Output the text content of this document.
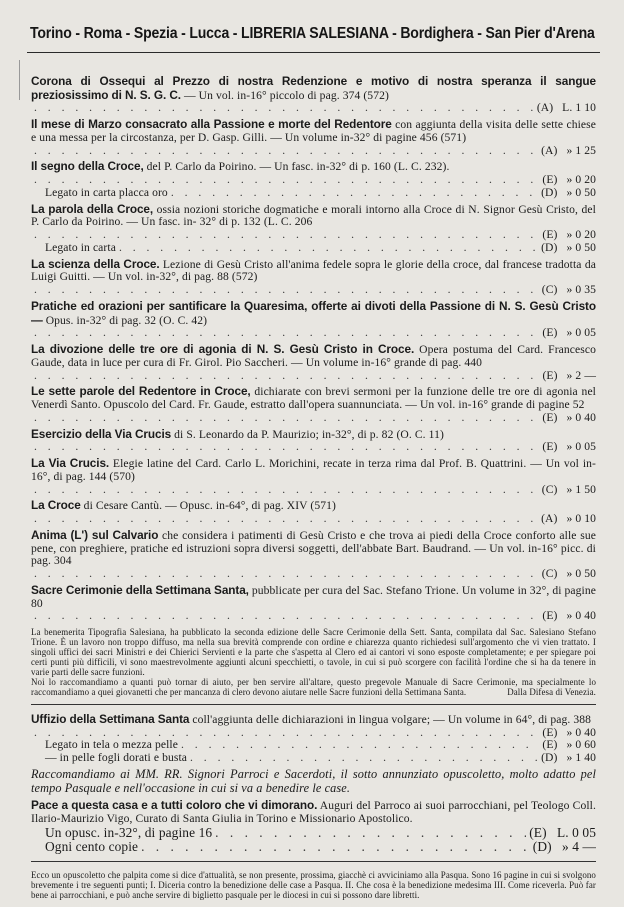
Torino - Roma - Spezia - Lucca - LIBRERIA SALESIANA - Bordighera - San Pier d'Arena
Corona di Ossequi al Prezzo di nostra Redenzione e motivo di nostra speranza il sangue preziosissimo di N. S. G. C. — Un vol. in-16° piccolo di pag. 374 (572)
. . .
(A) L. 1 10
Il mese di Marzo consacrato alla Passione e morte del Redentore con aggiunta della visita delle sette chiese e una messa per la circostanza, per D. Gasp. Gilli. — Un volume in-32° di pagine 456 (571)
. . .
(A) » 1 25
Il segno della Croce, del P. Carlo da Poirino. — Un fasc. in-32° di p. 160 (L. C. 232).
. . .
(E) » 0 20
Legato in carta placca oro . . .	(D) » 0 50
La parola della Croce, ossia nozioni storiche dogmatiche e morali intorno alla Croce di N. Signor Gesù Cristo, del P. Carlo da Poirino. — Un fasc. in- 32° di p. 132 (L. C. 206
. . .
(E) » 0 20
Legato in carta . . .	(D) » 0 50
La scienza della Croce. Lezione di Gesù Cristo all'anima fedele sopra le glorie della croce, dal francese tradotta da Luigi Guitti. — Un vol. in-32°, di pag. 88 (572)
. . .
(C) » 0 35
Pratiche ed orazioni per santificare la Quaresima, offerte ai divoti della Passione di N. S. Gesù Cristo — Opus. in-32° di pag. 32 (O. C. 42)
. . .
(E) » 0 05
La divozione delle tre ore di agonia di N. S. Gesù Cristo in Croce. Opera postuma del Card. Francesco Gaude, data in luce per cura di Fr. Girol. Pio Saccheri. — Un volume in-16° grande di pag. 440
. . .
(E) » 2 —
Le sette parole del Redentore in Croce, dichiarate con brevi sermoni per la funzione delle tre ore di agonia nel Venerdì Santo. Opuscolo del Card. Fr. Gaude, estratto dall'opera suannunciata. — Un vol. in-16° grande di pagine 52
. . .
(E) » 0 40
Esercizio della Via Crucis di S. Leonardo da P. Maurizio; in-32°, di p. 82 (O. C. 11)
. . .
(E) » 0 05
La Via Crucis. Elegie latine del Card. Carlo L. Morichini, recate in terza rima dal Prof. B. Quattrini. — Un vol in-16°, di pag. 144 (570)
. . .
(C) » 1 50
La Croce di Cesare Cantù. — Opusc. in-64°, di pag. XIV (571)
. . .
(A) » 0 10
Anima (L') sul Calvario che considera i patimenti di Gesù Cristo e che trova ai piedi della Croce conforto alle sue pene, con preghiere, pratiche ed istruzioni sopra diversi soggetti, dell'abbate Bart. Baudrand. — Un vol. in-16° picc. di pag. 304
. . .
(C) » 0 50
Sacre Cerimonie della Settimana Santa, pubblicate per cura del Sac. Stefano Trione. Un volume in 32°, di pagine 80
. . .
(E) » 0 40

La benemerita Tipografia Salesiana, ha pubblicato la seconda edizione delle Sacre Cerimonie della Sett. Santa, compilata dal Sac. Salesiano Stefano Trione. È un lavoro non troppo diffuso, ma nella sua brevità comprende con ordine e chiarezza quanto richiedesi sull'argomento che vi vien trattato. I singoli uffici dei sacri Ministri e dei Chierici Servienti e la parte che s'aspetta al Clero ed ai cantori vi sono esposte completamente; e per spiegare poi certi punti più difficili, vi sono maestrevolmente aggiunti alcuni specchietti, o tavole, in cui si può scorgere con facilità l'ordine che si ha da tenere in varie parti delle sacre funzioni.

Noi lo raccomandiamo a quanti può tornar di aiuto, per ben servire all'altare, questo pregevole Manuale di Sacre Cerimonie, ma specialmente lo raccomandiamo a quei giovanetti che per mancanza di clero devono aiutare nelle Sacre funzioni della Settimana Santa.	Dalla Difesa di Venezia.

Uffizio della Settimana Santa coll'aggiunta delle dichiarazioni in lingua volgare; — Un volume in 64°, di pag. 388
. . .
(E) » 0 40
Legato in tela o mezza pelle . . .	(E) » 0 60
— in pelle fogli dorati e busta . . .	(D) » 1 40
Raccomandiamo ai MM. RR. Signori Parroci e Sacerdoti, il sotto annunziato opuscoletto, molto adatto pel tempo Pasquale e nell'occasione in cui si va a benedire le case.
Pace a questa casa e a tutti coloro che vi dimorano. Auguri del Parroco ai suoi parrocchiani, pel Teologo Coll. Ilario-Maurizio Vigo, Curato di Santa Giulia in Torino e Missionario Apostolico.
Un opusc. in-32°, di pagine 16 . . .	(E) L. 0 05
Ogni cento copie . . .	(D) » 4 —
Ecco un opuscoletto che palpita come si dice d'attualità, se non presente, prossima, giacchè ci avviciniamo alla Pasqua. Sono 16 pagine in cui si svolgono brevemente i tre seguenti punti; I. Diceria contro la benedizione delle case a Pasqua. II. Che cosa è la benedizione medesima III. Come riceverla. Può far bene ai parrocchiani, e può anche servire di biglietto pasquale per le diocesi in cui si possono dare libretti.
